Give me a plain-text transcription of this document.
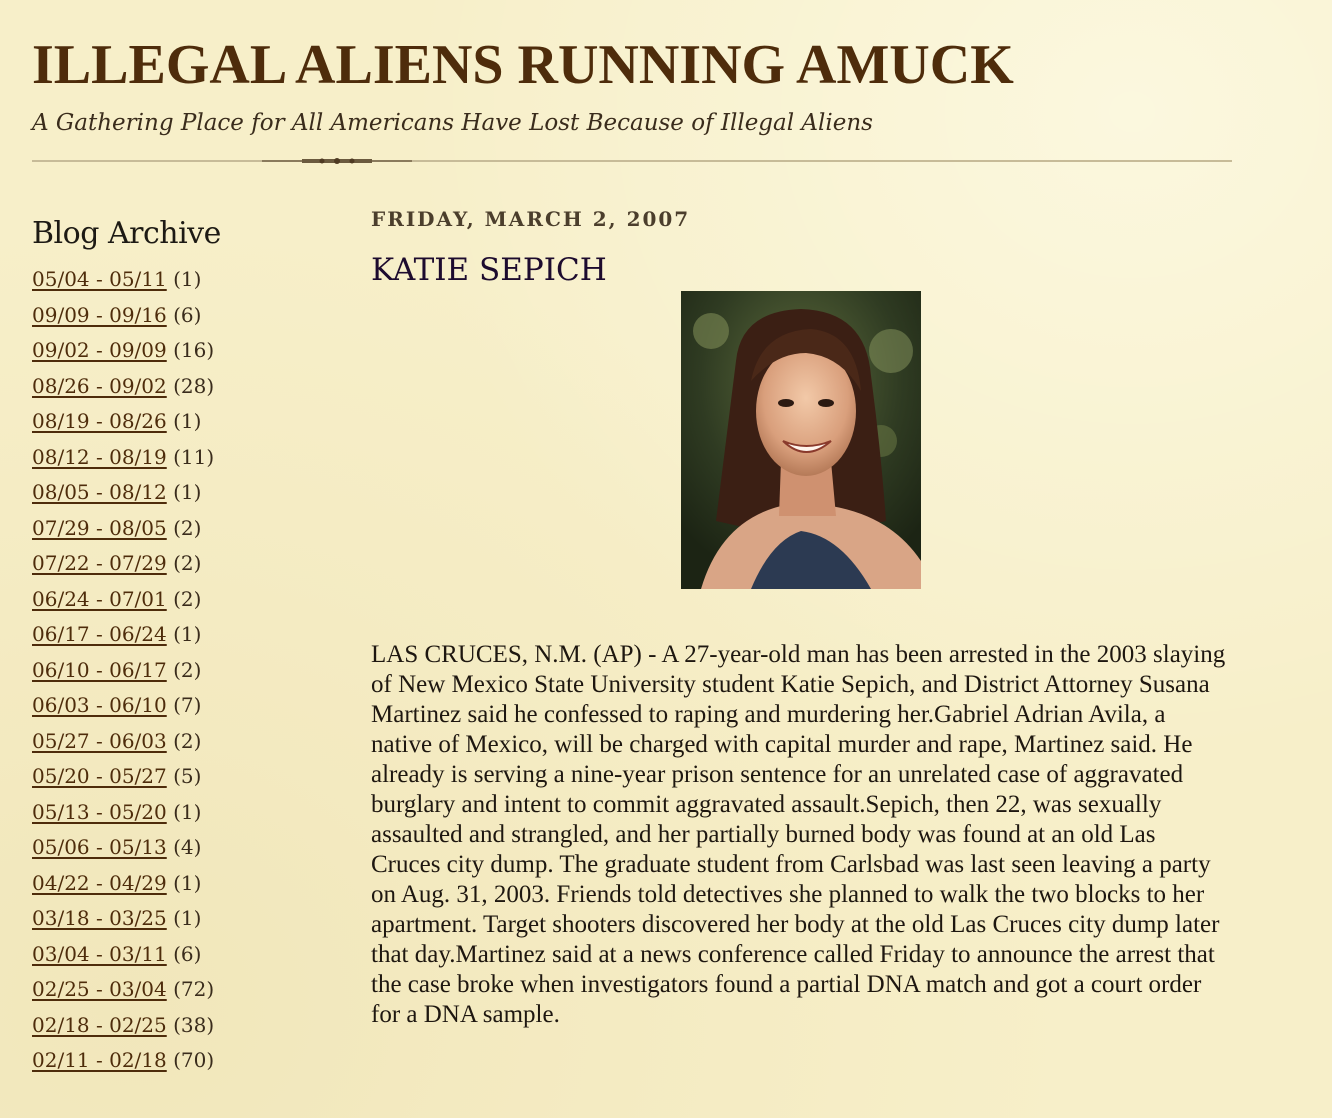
ILLEGAL ALIENS RUNNING AMUCK

A Gathering Place for All Americans Have Lost Because of Illegal Aliens

Blog Archive
05/04 - 05/11 (1)
09/09 - 09/16 (6)
09/02 - 09/09 (16)
08/26 - 09/02 (28)
08/19 - 08/26 (1)
08/12 - 08/19 (11)
08/05 - 08/12 (1)
07/29 - 08/05 (2)
07/22 - 07/29 (2)
06/24 - 07/01 (2)
06/17 - 06/24 (1)
06/10 - 06/17 (2)
06/03 - 06/10 (7)
05/27 - 06/03 (2)
05/20 - 05/27 (5)
05/13 - 05/20 (1)
05/06 - 05/13 (4)
04/22 - 04/29 (1)
03/18 - 03/25 (1)
03/04 - 03/11 (6)
02/25 - 03/04 (72)
02/18 - 02/25 (38)
02/11 - 02/18 (70)
FRIDAY, MARCH 2, 2007
KATIE SEPICH

LAS CRUCES, N.M. (AP) - A 27-year-old man has been arrested in the 2003 slaying of New Mexico State University student Katie Sepich, and District Attorney Susana Martinez said he confessed to raping and murdering her.Gabriel Adrian Avila, a native of Mexico, will be charged with capital murder and rape, Martinez said. He already is serving a nine-year prison sentence for an unrelated case of aggravated burglary and intent to commit aggravated assault.Sepich, then 22, was sexually assaulted and strangled, and her partially burned body was found at an old Las Cruces city dump. The graduate student from Carlsbad was last seen leaving a party on Aug. 31, 2003. Friends told detectives she planned to walk the two blocks to her apartment. Target shooters discovered her body at the old Las Cruces city dump later that day.Martinez said at a news conference called Friday to announce the arrest that the case broke when investigators found a partial DNA match and got a court order for a DNA sample.
